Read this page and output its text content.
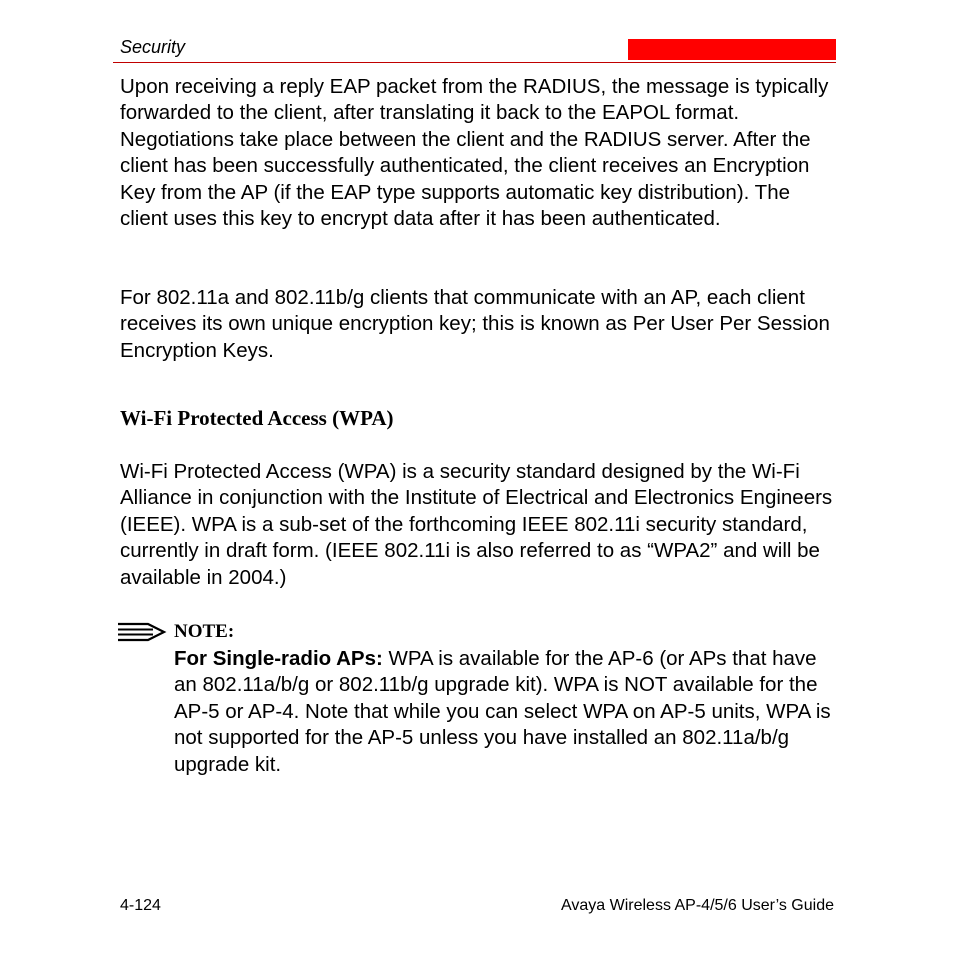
Security

Upon receiving a reply EAP packet from the RADIUS, the message is typically forwarded to the client, after translating it back to the EAPOL format. Negotiations take place between the client and the RADIUS server. After the client has been successfully authenticated, the client receives an Encryption Key from the AP (if the EAP type supports automatic key distribution). The client uses this key to encrypt data after it has been authenticated.

For 802.11a and 802.11b/g clients that communicate with an AP, each client receives its own unique encryption key; this is known as Per User Per Session Encryption Keys.

Wi-Fi Protected Access (WPA)

Wi-Fi Protected Access (WPA) is a security standard designed by the Wi-Fi Alliance in conjunction with the Institute of Electrical and Electronics Engineers (IEEE). WPA is a sub-set of the forthcoming IEEE 802.11i security standard, currently in draft form. (IEEE 802.11i is also referred to as “WPA2” and will be available in 2004.)

NOTE:

For Single-radio APs: WPA is available for the AP-6 (or APs that have an 802.11a/b/g or 802.11b/g upgrade kit). WPA is NOT available for the AP-5 or AP-4. Note that while you can select WPA on AP-5 units, WPA is not supported for the AP-5 unless you have installed an 802.11a/b/g upgrade kit.

4-124	Avaya Wireless AP-4/5/6 User’s Guide
